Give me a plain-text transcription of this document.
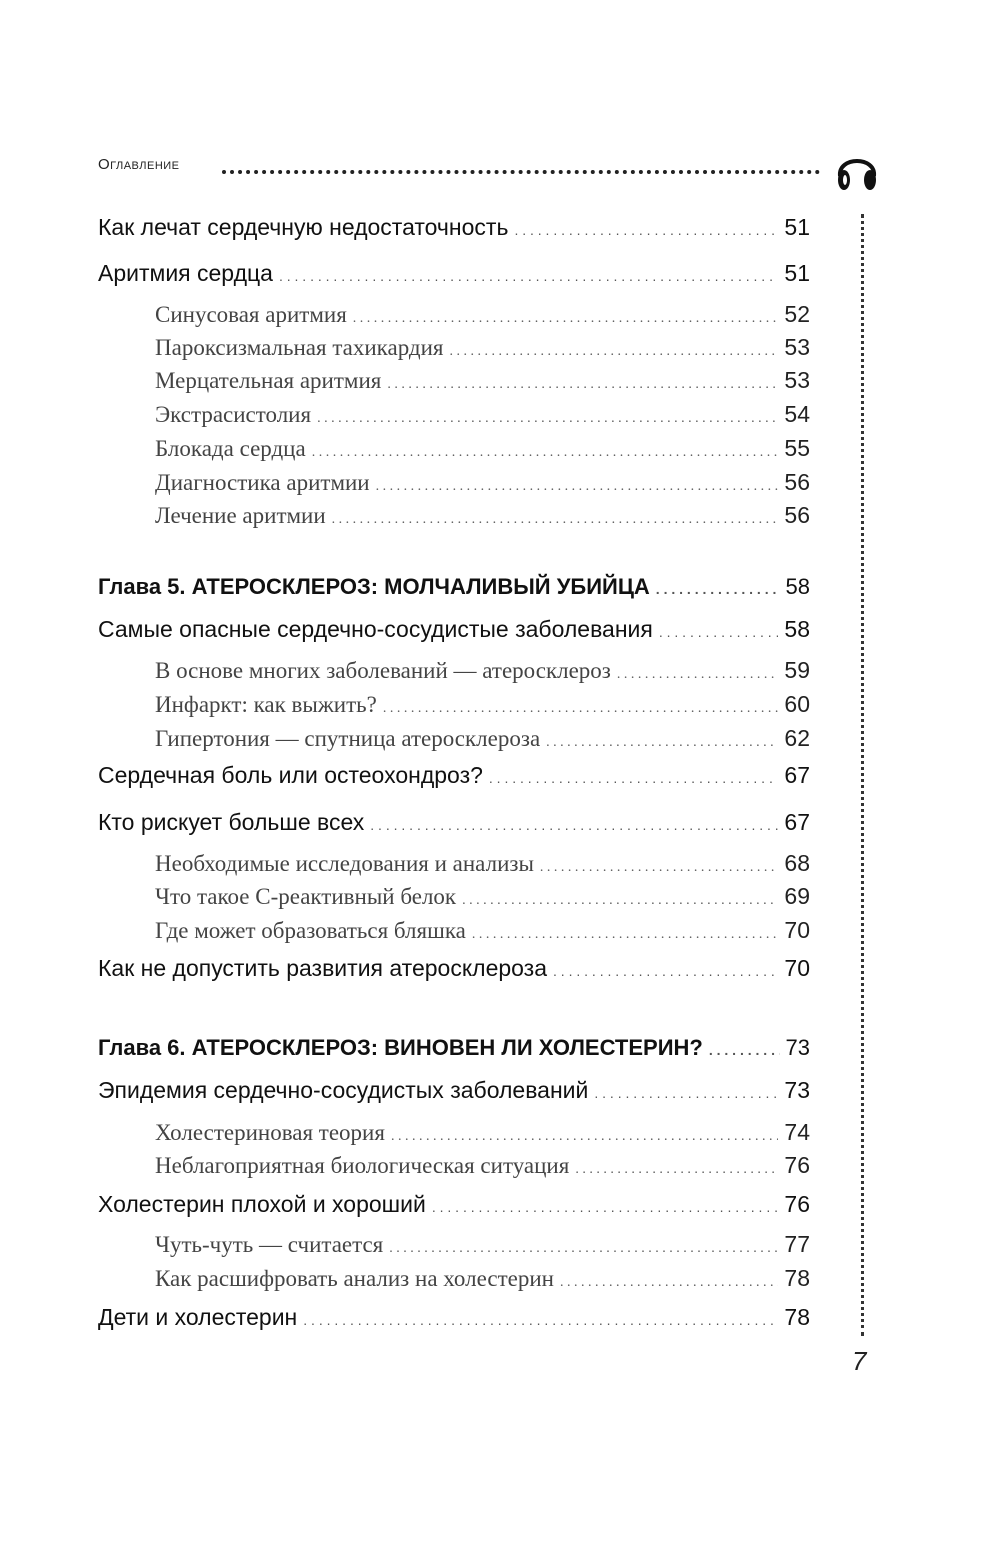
Оглавление
Как лечат сердечную недостаточность . . .	51
Аритмия сердца . . .	51
Синусовая аритмия . . .	52
Пароксизмальная тахикардия . . .	53
Мерцательная аритмия . . .	53
Экстрасистолия . . .	54
Блокада сердца . . .	55
Диагностика аритмии . . .	56
Лечение аритмии . . .	56
Глава 5. АТЕРОСКЛЕРОЗ: МОЛЧАЛИВЫЙ УБИЙЦА . . .	58
Самые опасные сердечно-сосудистые заболевания . . .	58
В основе многих заболеваний — атеросклероз . . .	59
Инфаркт: как выжить? . . .	60
Гипертония — спутница атеросклероза . . .	62
Сердечная боль или остеохондроз? . . .	67
Кто рискует больше всех . . .	67
Необходимые исследования и анализы . . .	68
Что такое С-реактивный белок . . .	69
Где может образоваться бляшка . . .	70
Как не допустить развития атеросклероза . . .	70
Глава 6. АТЕРОСКЛЕРОЗ: ВИНОВЕН ЛИ ХОЛЕСТЕРИН? . . .	73
Эпидемия сердечно-сосудистых заболеваний . . .	73
Холестериновая теория . . .	74
Неблагоприятная биологическая ситуация . . .	76
Холестерин плохой и хороший . . .	76
Чуть-чуть — считается . . .	77
Как расшифровать анализ на холестерин . . .	78
Дети и холестерин . . .	78
7
